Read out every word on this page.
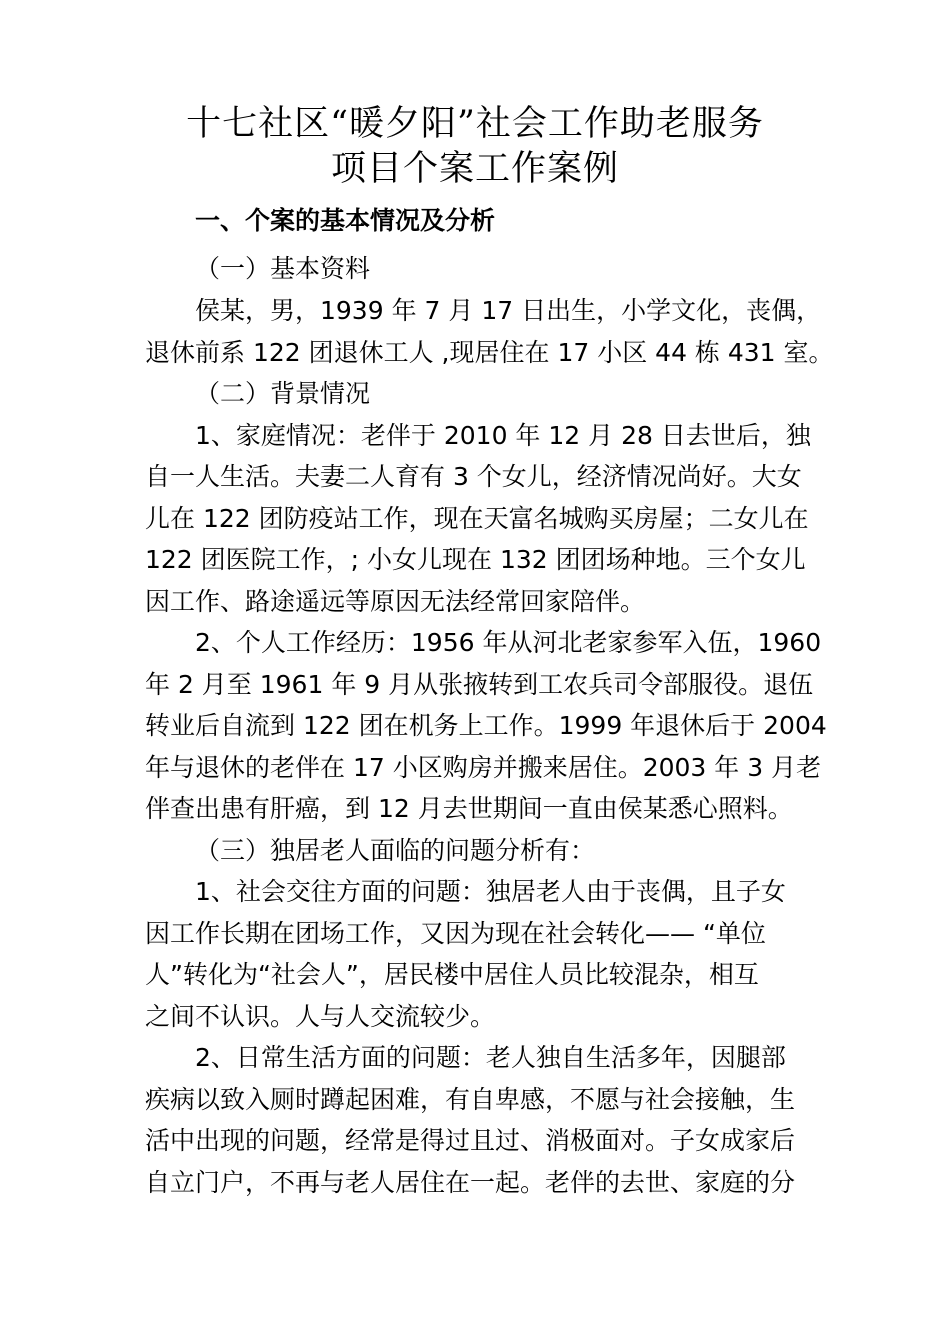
十七社区“暖夕阳”社会工作助老服务
项目个案工作案例
一、个案的基本情况及分析
（一）基本资料
侯某，男，1939 年 7 月 17 日出生，小学文化，丧偶，
退休前系 122 团退休工人 ,现居住在 17 小区 44 栋 431 室。
（二）背景情况
1、家庭情况：老伴于 2010 年 12 月 28 日去世后，独
自一人生活。夫妻二人育有 3 个女儿，经济情况尚好。大女
儿在 122 团防疫站工作，现在天富名城购买房屋；二女儿在
122 团医院工作，; 小女儿现在 132 团团场种地。三个女儿
因工作、路途遥远等原因无法经常回家陪伴。
2、个人工作经历：1956 年从河北老家参军入伍，1960
年 2 月至 1961 年 9 月从张掖转到工农兵司令部服役。退伍
转业后自流到 122 团在机务上工作。1999 年退休后于 2004
年与退休的老伴在 17 小区购房并搬来居住。2003 年 3 月老
伴查出患有肝癌，到 12 月去世期间一直由侯某悉心照料。
（三）独居老人面临的问题分析有：
1、社会交往方面的问题：独居老人由于丧偶，且子女
因工作长期在团场工作，又因为现在社会转化—— “单位
人”转化为“社会人”，居民楼中居住人员比较混杂，相互
之间不认识。人与人交流较少。
2、日常生活方面的问题：老人独自生活多年，因腿部
疾病以致入厕时蹲起困难，有自卑感，不愿与社会接触，生
活中出现的问题，经常是得过且过、消极面对。子女成家后
自立门户，不再与老人居住在一起。老伴的去世、家庭的分
